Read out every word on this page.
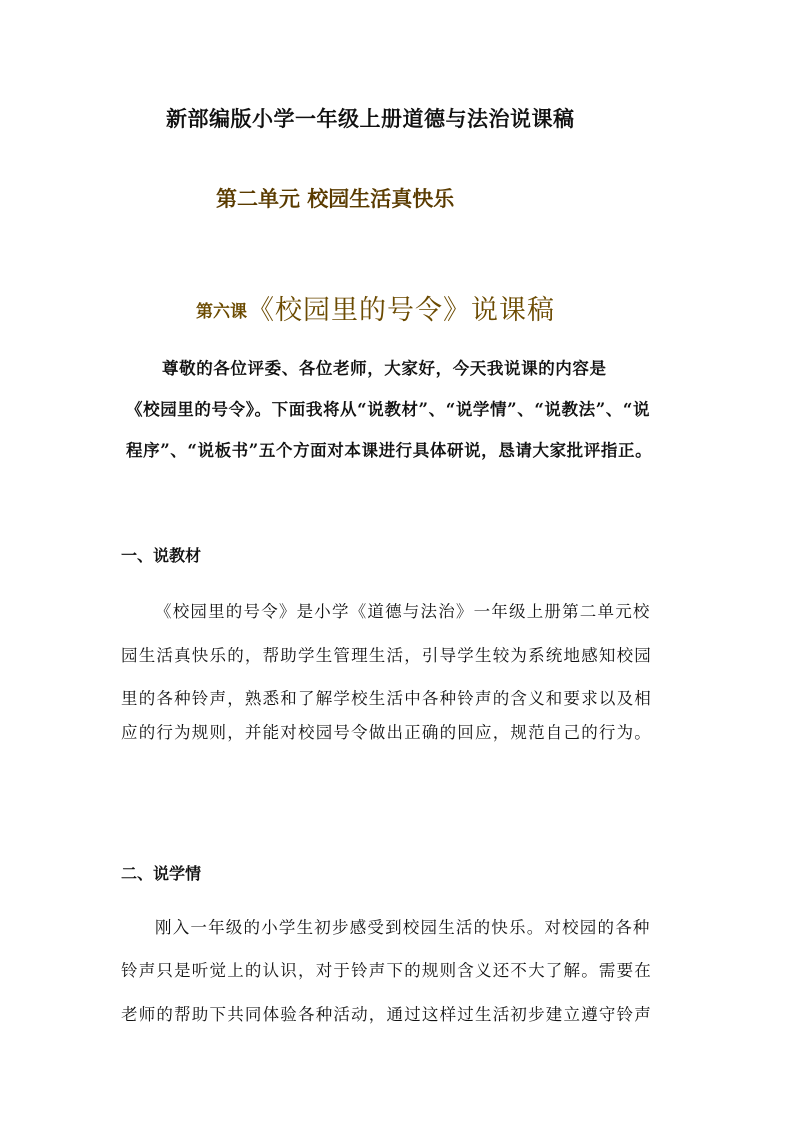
新部编版小学一年级上册道德与法治说课稿
第二单元 校园生活真快乐
第六课《校园里的号令》说课稿
尊敬的各位评委、各位老师，大家好，今天我说课的内容是
《校园里的号令》。下面我将从“说教材”、“说学情”、“说教法”、“说
程序”、“说板书”五个方面对本课进行具体研说，恳请大家批评指正。
一、说教材
《校园里的号令》是小学《道德与法治》一年级上册第二单元校
园生活真快乐的，帮助学生管理生活，引导学生较为系统地感知校园
里的各种铃声，熟悉和了解学校生活中各种铃声的含义和要求以及相
应的行为规则，并能对校园号令做出正确的回应，规范自己的行为。
二、说学情
刚入一年级的小学生初步感受到校园生活的快乐。对校园的各种
铃声只是听觉上的认识，对于铃声下的规则含义还不大了解。需要在
老师的帮助下共同体验各种活动，通过这样过生活初步建立遵守铃声
